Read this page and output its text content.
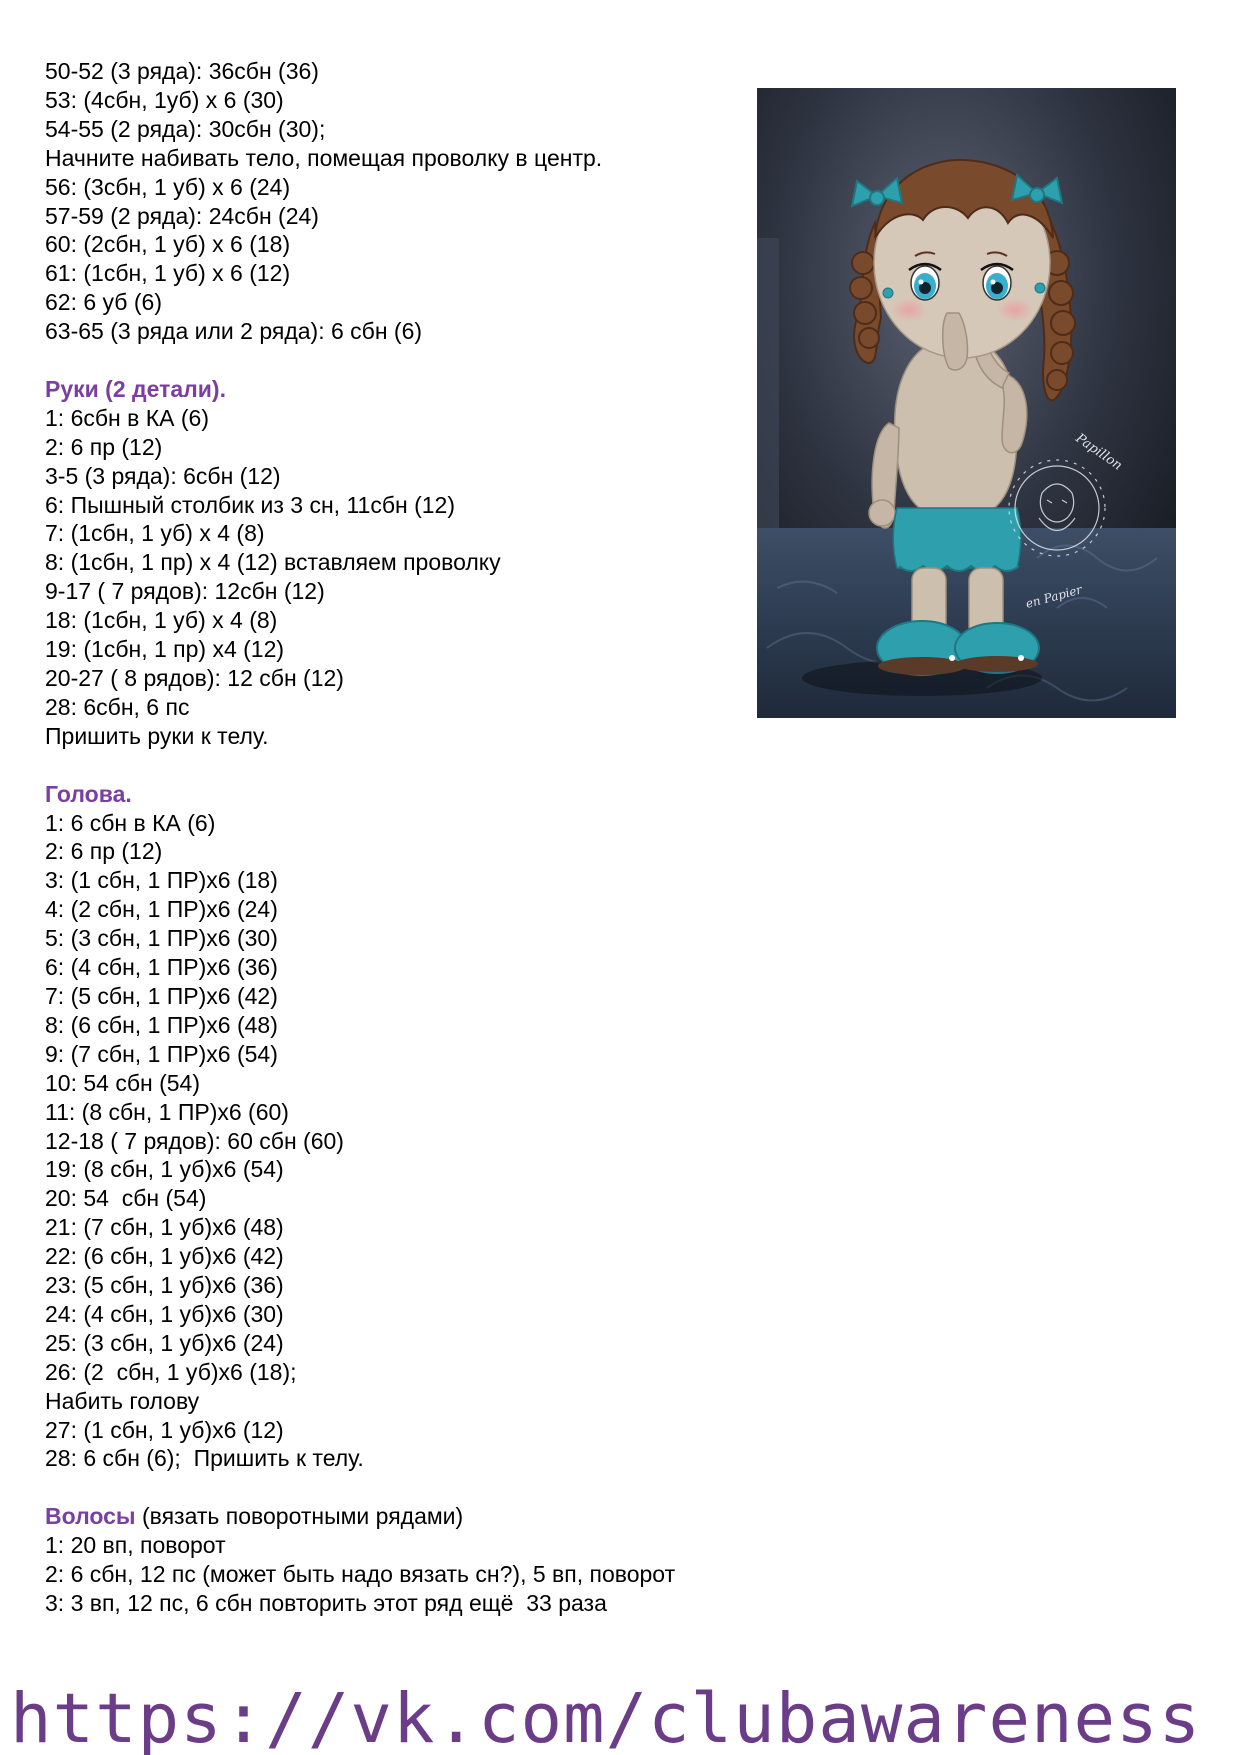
50-52 (3 ряда): 36сбн (36)
53: (4сбн, 1уб) х 6 (30)
54-55 (2 ряда): 30сбн (30);
Начните набивать тело, помещая проволку в центр.
56: (3сбн, 1 уб) х 6 (24)
57-59 (2 ряда): 24сбн (24)
60: (2сбн, 1 уб) х 6 (18)
61: (1сбн, 1 уб) х 6 (12)
62: 6 уб (6)
63-65 (3 ряда или 2 ряда): 6 сбн (6)
Руки (2 детали).
1: 6сбн в КА (6)
2: 6 пр (12)
3-5 (3 ряда): 6сбн (12)
6: Пышный столбик из 3 сн, 11сбн (12)
7: (1сбн, 1 уб) х 4 (8)
8: (1сбн, 1 пр) х 4 (12) вставляем проволку
9-17 ( 7 рядов): 12сбн (12)
18: (1сбн, 1 уб) х 4 (8)
19: (1сбн, 1 пр) х4 (12)
20-27 ( 8 рядов): 12 сбн (12)
28: 6сбн, 6 пс
Пришить руки к телу.
Голова.
1: 6 сбн в КА (6)
2: 6 пр (12)
3: (1 сбн, 1 ПР)х6 (18)
4: (2 сбн, 1 ПР)х6 (24)
5: (3 сбн, 1 ПР)х6 (30)
6: (4 сбн, 1 ПР)х6 (36)
7: (5 сбн, 1 ПР)х6 (42)
8: (6 сбн, 1 ПР)х6 (48)
9: (7 сбн, 1 ПР)х6 (54)
10: 54 сбн (54)
11: (8 сбн, 1 ПР)х6 (60)
12-18 ( 7 рядов): 60 сбн (60)
19: (8 сбн, 1 уб)х6 (54)
20: 54  сбн (54)
21: (7 сбн, 1 уб)х6 (48)
22: (6 сбн, 1 уб)х6 (42)
23: (5 сбн, 1 уб)х6 (36)
24: (4 сбн, 1 уб)х6 (30)
25: (3 сбн, 1 уб)х6 (24)
26: (2  сбн, 1 уб)х6 (18);
Набить голову
27: (1 сбн, 1 уб)х6 (12)
28: 6 сбн (6);  Пришить к телу.
Волосы (вязать поворотными рядами)
1: 20 вп, поворот
2: 6 сбн, 12 пс (может быть надо вязать сн?), 5 вп, поворот
3: 3 вп, 12 пс, 6 сбн повторить этот ряд ещё  33 раза
Papillon
en Papier
https://vk.com/clubawareness
